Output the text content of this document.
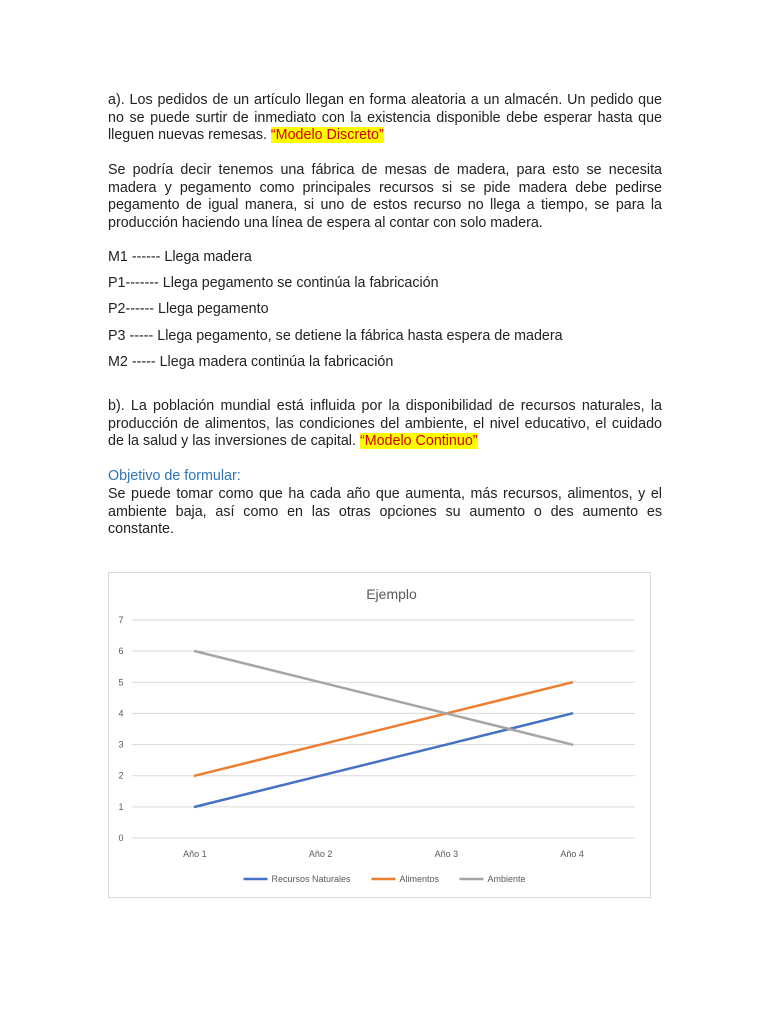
a). Los pedidos de un artículo llegan en forma aleatoria a un almacén. Un pedido que no se puede surtir de inmediato con la existencia disponible debe esperar hasta que lleguen nuevas remesas. “Modelo Discreto”

Se podría decir tenemos una fábrica de mesas de madera, para esto se necesita madera y pegamento como principales recursos si se pide madera debe pedirse pegamento de igual manera, si uno de estos recurso no llega a tiempo, se para la producción haciendo una línea de espera al contar con solo madera.

M1 ------ Llega madera

P1------- Llega pegamento se continúa la fabricación

P2------ Llega pegamento

P3 ----- Llega pegamento, se detiene la fábrica hasta espera de madera

M2 ----- Llega madera continúa la fabricación

b). La población mundial está influida por la disponibilidad de recursos naturales, la producción de alimentos, las condiciones del ambiente, el nivel educativo, el cuidado de la salud y las inversiones de capital. “Modelo Continuo”

Objetivo de formular:

Se puede tomar como que ha cada año que aumenta, más recursos, alimentos, y el ambiente baja, así como en las otras opciones su aumento o des aumento es constante.

Ejemplo
0
1
2
3
4
5
6
7
Año 1	Año 2	Año 3	Año 4
Recursos Naturales	Alimentos	Ambiente
